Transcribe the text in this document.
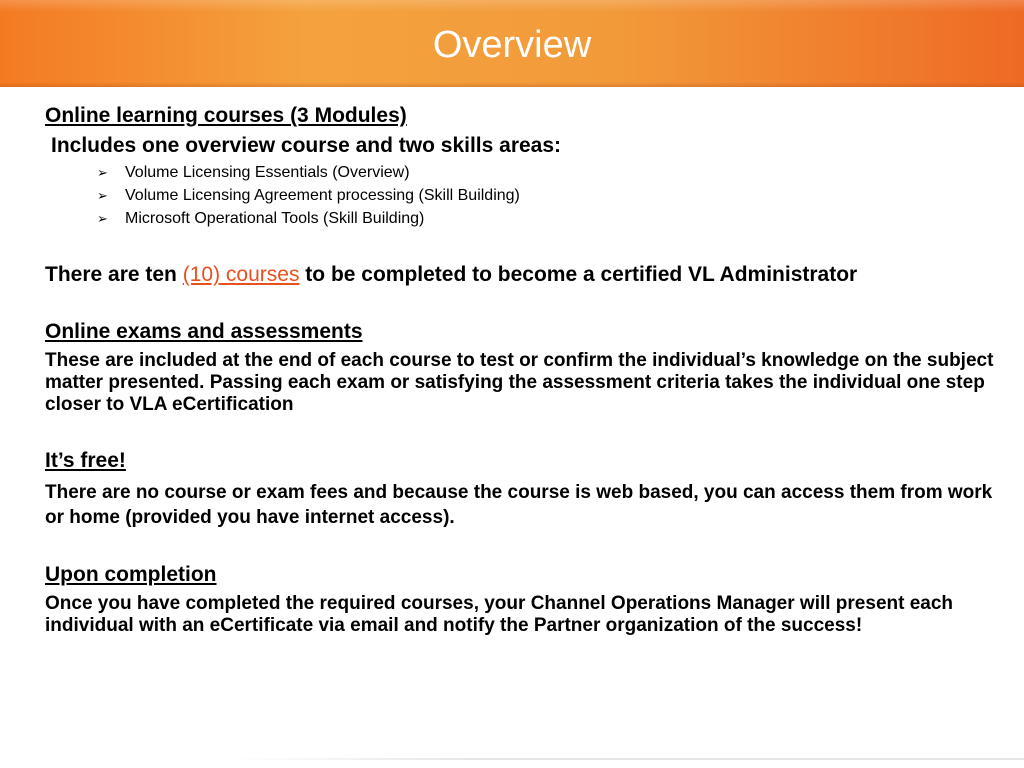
Overview

Online learning courses (3 Modules)

Includes one overview course and two skills areas:

➢	Volume Licensing Essentials (Overview)
➢	Volume Licensing Agreement processing (Skill Building)
➢	Microsoft Operational Tools (Skill Building)

There are ten (10) courses to be completed to become a certified VL Administrator

Online exams and assessments

These are included at the end of each course to test or confirm the individual’s knowledge on the subject matter presented. Passing each exam or satisfying the assessment criteria takes the individual one step closer to VLA eCertification

It’s free!

There are no course or exam fees and because the course is web based, you can access them from work or home (provided you have internet access).

Upon completion

Once you have completed the required courses, your Channel Operations Manager will present each individual with an eCertificate via email and notify the Partner organization of the success!
